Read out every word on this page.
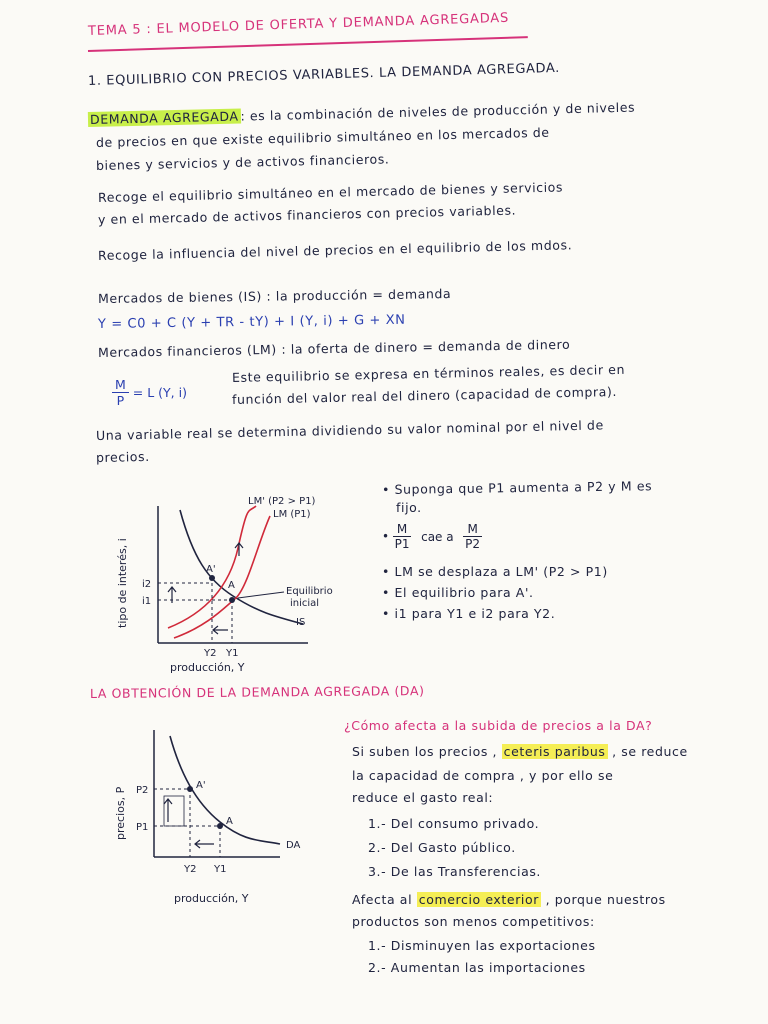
TEMA 5 : EL MODELO DE OFERTA Y DEMANDA AGREGADAS
1. EQUILIBRIO CON PRECIOS VARIABLES. LA DEMANDA AGREGADA.
DEMANDA AGREGADA : es la combinación de niveles de producción y de niveles
de precios en que existe equilibrio simultáneo en los mercados de
bienes y servicios y de activos financieros.
Recoge el equilibrio simultáneo en el mercado de bienes y servicios
y en el mercado de activos financieros con precios variables.
Recoge la influencia del nivel de precios en el equilibrio de los mdos.
Mercados de bienes (IS) : la producción = demanda
Y = C0 + C (Y + TR - tY) + I (Y, i) + G + XN
Mercados financieros (LM) : la oferta de dinero = demanda de dinero
$\frac{M}{P} = L$ (Y, i)
Este equilibrio se expresa en términos reales, es decir en
función del valor real del dinero (capacidad de compra).
Una variable real se determina dividiendo su valor nominal por el nivel de
precios.
tipo de interés, i
producción, Y
LM' (P2 > P1)
LM (P1)
IS
A'
A
Equilibrio
inicial
i2
i1
Y2 Y1
• Suponga que P1 aumenta a P2 y M es
fijo.
• $\frac{M}{P1}$ cae a $\frac{M}{P2}$
• LM se desplaza a LM' (P2 > P1)
• El equilibrio para A'.
• i1 para Y1 e i2 para Y2.
LA OBTENCIÓN DE LA DEMANDA AGREGADA (DA)
precios, P
producción, Y
DA
A'
A
P2
P1
Y2 Y1
¿Cómo afecta a la subida de precios a la DA?
Si suben los precios , ceteris paribus , se reduce
la capacidad de compra , y por ello se
reduce el gasto real:
1.- Del consumo privado.
2.- Del Gasto público.
3.- De las Transferencias.
Afecta al comercio exterior , porque nuestros
productos son menos competitivos:
1.- Disminuyen las exportaciones
2.- Aumentan las importaciones
